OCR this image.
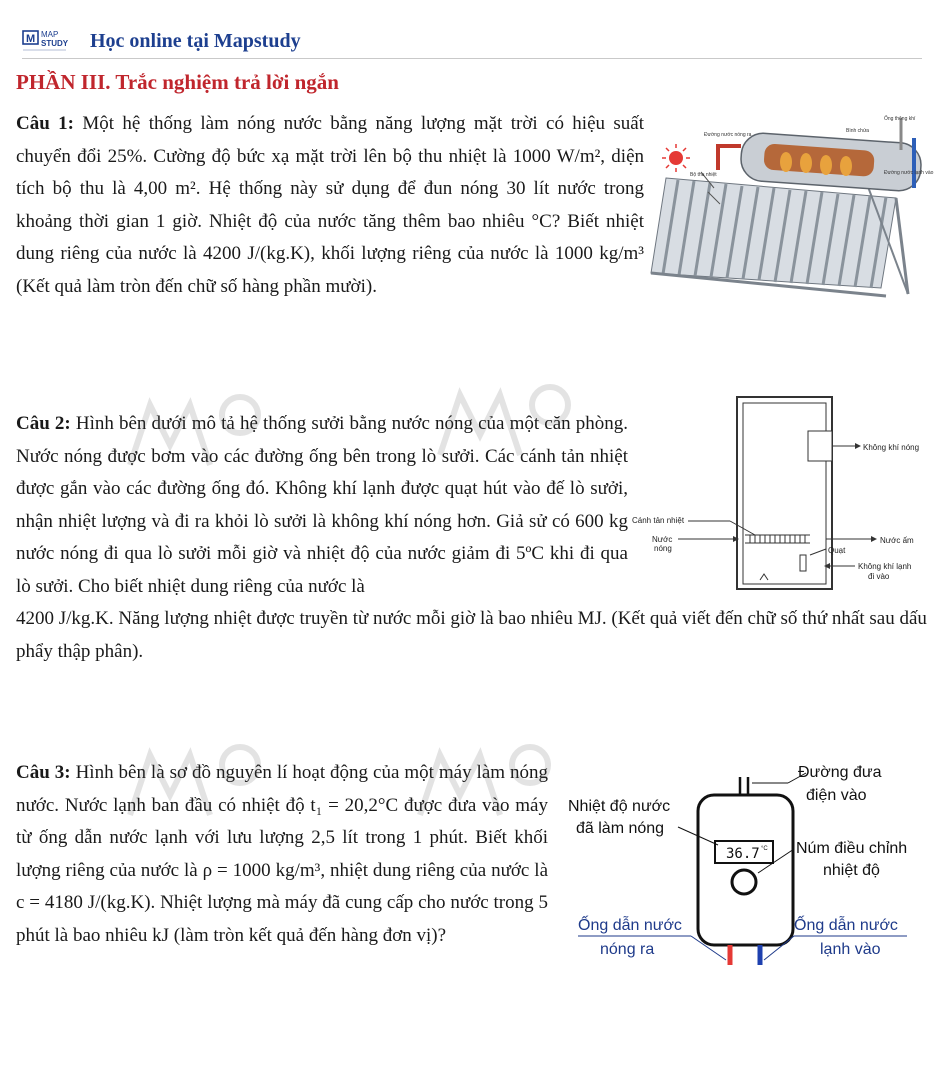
M MAP
STUDY Học online tại Mapstudy
PHẦN III. Trắc nghiệm trả lời ngắn
Câu 1: Một hệ thống làm nóng nước bằng năng lượng mặt trời có hiệu suất chuyển đổi 25%. Cường độ bức xạ mặt trời lên bộ thu nhiệt là 1000 W/m², diện tích bộ thu là 4,00 m². Hệ thống này sử dụng để đun nóng 30 lít nước trong khoảng thời gian 1 giờ. Nhiệt độ của nước tăng thêm bao nhiêu °C? Biết nhiệt dung riêng của nước là 4200 J/(kg.K), khối lượng riêng của nước là 1000 kg/m³ (Kết quả làm tròn đến chữ số hàng phần mười).
Ống thông khí
Đường nước nóng ra
Đường nước lạnh vào
Bộ thu nhiệt
Bình chứa
Câu 2: Hình bên dưới mô tả hệ thống sưởi bằng nước nóng của một căn phòng. Nước nóng được bơm vào các đường ống bên trong lò sưởi. Các cánh tản nhiệt được gắn vào các đường ống đó. Không khí lạnh được quạt hút vào đế lò sưởi, nhận nhiệt lượng và đi ra khỏi lò sưởi là không khí nóng hơn. Giả sử có 600 kg nước nóng đi qua lò sưởi mỗi giờ và nhiệt độ của nước giảm đi 5ºC khi đi qua lò sưởi. Cho biết nhiệt dung riêng của nước là
4200 J/kg.K. Năng lượng nhiệt được truyền từ nước mỗi giờ là bao nhiêu MJ. (Kết quả viết đến chữ số thứ nhất sau dấu phẩy thập phân).
Không khí nóng
Cánh tản nhiệt
Nước
nóng
Nước ấm
Quạt
Không khí lạnh
đi vào
Câu 3: Hình bên là sơ đồ nguyên lí hoạt động của một máy làm nóng nước. Nước lạnh ban đầu có nhiệt độ t₁ = 20,2°C được đưa vào máy từ ống dẫn nước lạnh với lưu lượng 2,5 lít trong 1 phút. Biết khối lượng riêng của nước là ρ = 1000 kg/m³, nhiệt dung riêng của nước là c = 4180 J/(kg.K). Nhiệt lượng mà máy đã cung cấp cho nước trong 5 phút là bao nhiêu kJ (làm tròn kết quả đến hàng đơn vị)?
36.7 °C
Đường đưa
điện vào
Nhiệt độ nước
đã làm nóng
Núm điều chỉnh
nhiệt độ
Ống dẫn nước
nóng ra
Ống dẫn nước
lạnh vào
